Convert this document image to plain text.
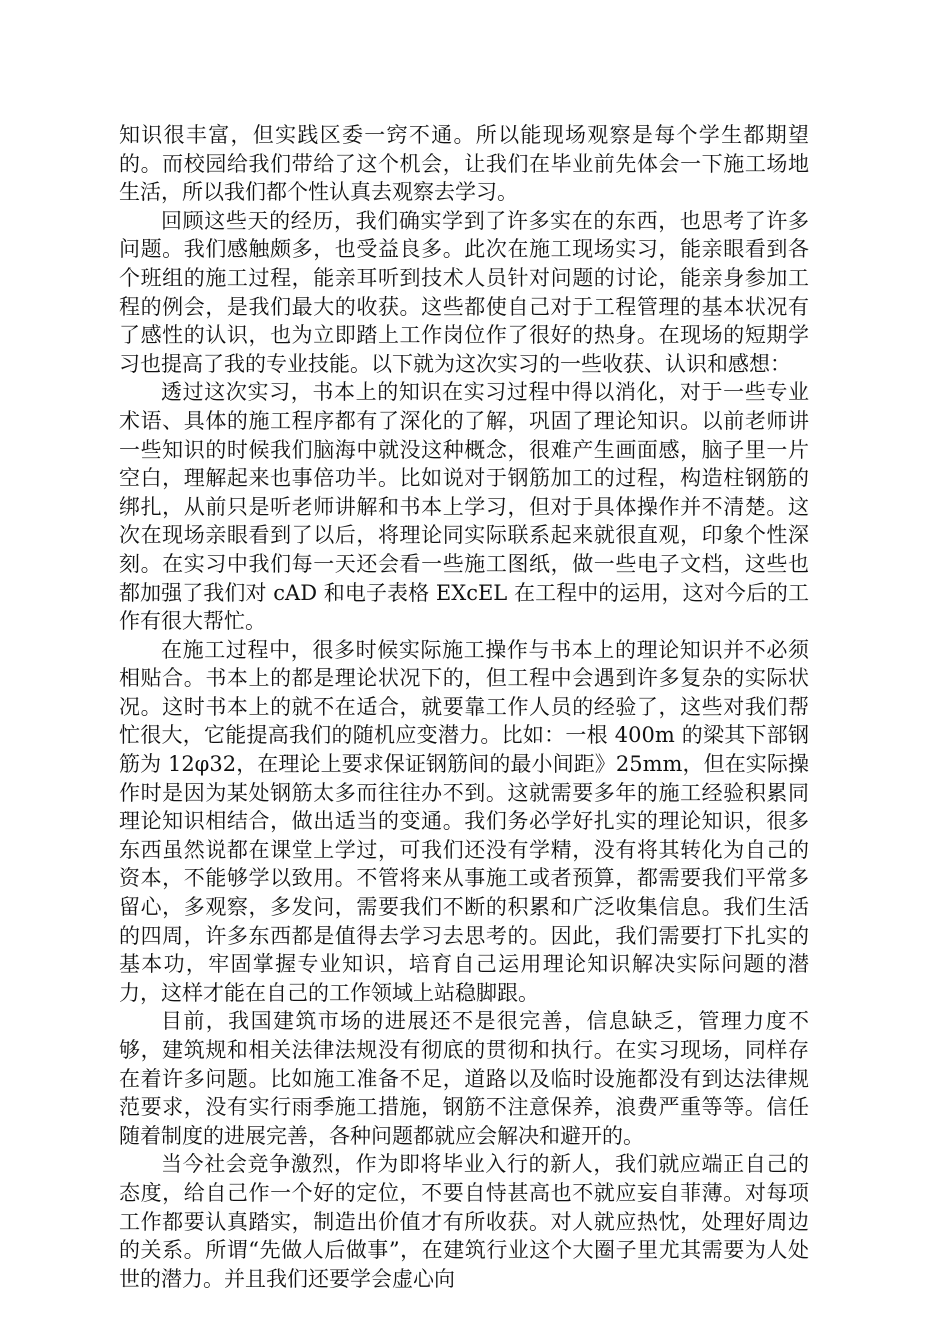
知识很丰富，但实践区委一窍不通。所以能现场观察是每个学生都期望的。而校园给我们带给了这个机会，让我们在毕业前先体会一下施工场地生活，所以我们都个性认真去观察去学习。

回顾这些天的经历，我们确实学到了许多实在的东西，也思考了许多问题。我们感触颇多，也受益良多。此次在施工现场实习，能亲眼看到各个班组的施工过程，能亲耳听到技术人员针对问题的讨论，能亲身参加工程的例会，是我们最大的收获。这些都使自己对于工程管理的基本状况有了感性的认识，也为立即踏上工作岗位作了很好的热身。在现场的短期学习也提高了我的专业技能。以下就为这次实习的一些收获、认识和感想：

透过这次实习，书本上的知识在实习过程中得以消化，对于一些专业术语、具体的施工程序都有了深化的了解，巩固了理论知识。以前老师讲一些知识的时候我们脑海中就没这种概念，很难产生画面感，脑子里一片空白，理解起来也事倍功半。比如说对于钢筋加工的过程，构造柱钢筋的绑扎，从前只是听老师讲解和书本上学习，但对于具体操作并不清楚。这次在现场亲眼看到了以后，将理论同实际联系起来就很直观，印象个性深刻。在实习中我们每一天还会看一些施工图纸，做一些电子文档，这些也都加强了我们对 cAD 和电子表格 EXcEL 在工程中的运用，这对今后的工作有很大帮忙。

在施工过程中，很多时候实际施工操作与书本上的理论知识并不必须相贴合。书本上的都是理论状况下的，但工程中会遇到许多复杂的实际状况。这时书本上的就不在适合，就要靠工作人员的经验了，这些对我们帮忙很大，它能提高我们的随机应变潜力。比如：一根 400m 的梁其下部钢筋为 12φ32，在理论上要求保证钢筋间的最小间距》25mm，但在实际操作时是因为某处钢筋太多而往往办不到。这就需要多年的施工经验积累同理论知识相结合，做出适当的变通。我们务必学好扎实的理论知识，很多东西虽然说都在课堂上学过，可我们还没有学精，没有将其转化为自己的资本，不能够学以致用。不管将来从事施工或者预算，都需要我们平常多留心，多观察，多发问，需要我们不断的积累和广泛收集信息。我们生活的四周，许多东西都是值得去学习去思考的。因此，我们需要打下扎实的基本功，牢固掌握专业知识，培育自己运用理论知识解决实际问题的潜力，这样才能在自己的工作领域上站稳脚跟。

目前，我国建筑市场的进展还不是很完善，信息缺乏，管理力度不够，建筑规和相关法律法规没有彻底的贯彻和执行。在实习现场，同样存在着许多问题。比如施工准备不足，道路以及临时设施都没有到达法律规范要求，没有实行雨季施工措施，钢筋不注意保养，浪费严重等等。信任随着制度的进展完善，各种问题都就应会解决和避开的。

当今社会竞争激烈，作为即将毕业入行的新人，我们就应端正自己的态度，给自己作一个好的定位，不要自恃甚高也不就应妄自菲薄。对每项工作都要认真踏实，制造出价值才有所收获。对人就应热忱，处理好周边的关系。所谓“先做人后做事”，在建筑行业这个大圈子里尤其需要为人处世的潜力。并且我们还要学会虚心向
